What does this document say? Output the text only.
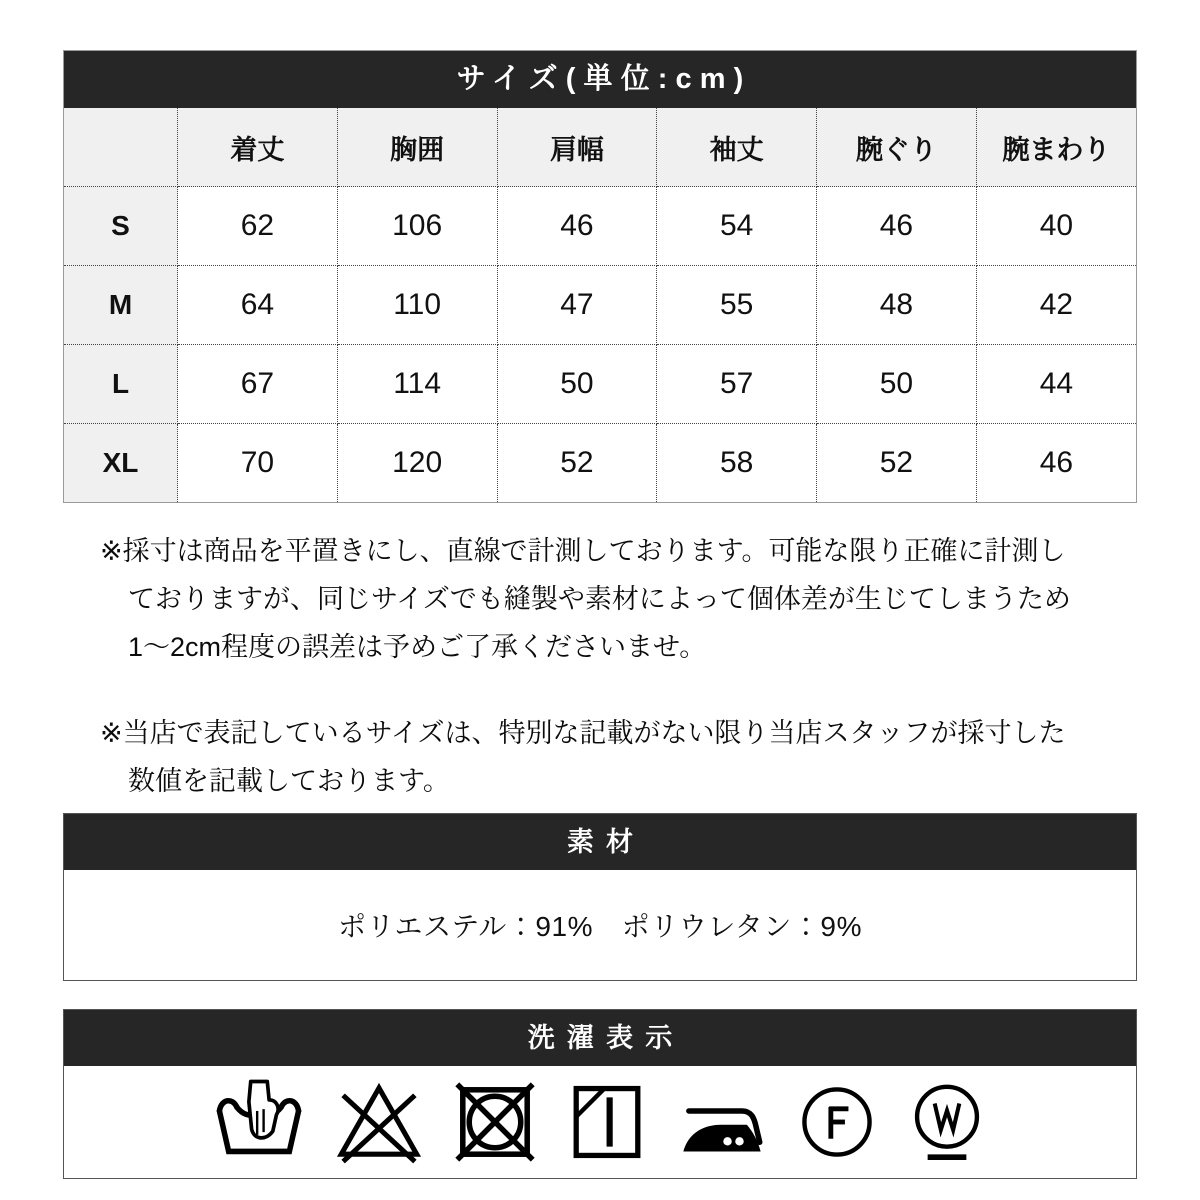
サイズ(単位:cm)
	着丈	胸囲	肩幅	袖丈	腕ぐり	腕まわり
S	62	106	46	54	46	40
M	64	110	47	55	48	42
L	67	114	50	57	50	44
XL	70	120	52	58	52	46
※採寸は商品を平置きにし、直線で計測しております。可能な限り正確に計測し
ておりますが、同じサイズでも縫製や素材によって個体差が生じてしまうため
1〜2cm程度の誤差は予めご了承くださいませ。
※当店で表記しているサイズは、特別な記載がない限り当店スタッフが採寸した
数値を記載しております。
素材
ポリエステル：91%　ポリウレタン：9%
洗濯表示
